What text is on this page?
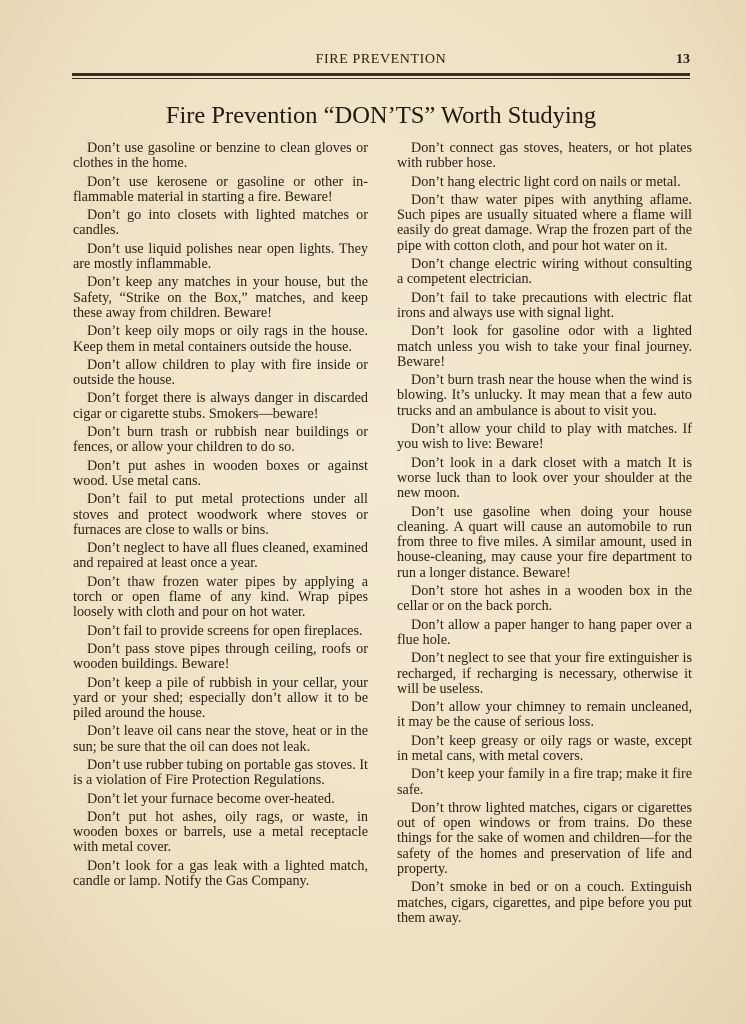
FIRE PREVENTION	13
Fire Prevention “DON’TS” Worth Studying

Don’t use gasoline or benzine to clean gloves or clothes in the home.

Don’t use kerosene or gasoline or other inflammable material in starting a fire. Beware!

Don’t go into closets with lighted matches or candles.

Don’t use liquid polishes near open lights. They are mostly inflammable.

Don’t keep any matches in your house, but the Safety, “Strike on the Box,” matches, and keep these away from children. Beware!

Don’t keep oily mops or oily rags in the house. Keep them in metal containers outside the house.

Don’t allow children to play with fire inside or outside the house.

Don’t forget there is always danger in discarded cigar or cigarette stubs. Smokers—beware!

Don’t burn trash or rubbish near buildings or fences, or allow your children to do so.

Don’t put ashes in wooden boxes or against wood. Use metal cans.

Don’t fail to put metal protections under all stoves and protect woodwork where stoves or furnaces are close to walls or bins.

Don’t neglect to have all flues cleaned, examined and repaired at least once a year.

Don’t thaw frozen water pipes by applying a torch or open flame of any kind. Wrap pipes loosely with cloth and pour on hot water.

Don’t fail to provide screens for open fireplaces.

Don’t pass stove pipes through ceiling, roofs or wooden buildings. Beware!

Don’t keep a pile of rubbish in your cellar, your yard or your shed; especially don’t allow it to be piled around the house.

Don’t leave oil cans near the stove, heat or in the sun; be sure that the oil can does not leak.

Don’t use rubber tubing on portable gas stoves. It is a violation of Fire Protection Regulations.

Don’t let your furnace become over-heated.

Don’t put hot ashes, oily rags, or waste, in wooden boxes or barrels, use a metal receptacle with metal cover.

Don’t look for a gas leak with a lighted match, candle or lamp. Notify the Gas Company.

Don’t connect gas stoves, heaters, or hot plates with rubber hose.

Don’t hang electric light cord on nails or metal.

Don’t thaw water pipes with anything aflame. Such pipes are usually situated where a flame will easily do great damage. Wrap the frozen part of the pipe with cotton cloth, and pour hot water on it.

Don’t change electric wiring without consulting a competent electrician.

Don’t fail to take precautions with electric flat irons and always use with signal light.

Don’t look for gasoline odor with a lighted match unless you wish to take your final journey. Beware!

Don’t burn trash near the house when the wind is blowing. It’s unlucky. It may mean that a few auto trucks and an ambulance is about to visit you.

Don’t allow your child to play with matches. If you wish to live: Beware!

Don’t look in a dark closet with a match It is worse luck than to look over your shoulder at the new moon.

Don’t use gasoline when doing your house cleaning. A quart will cause an automobile to run from three to five miles. A similar amount, used in house-cleaning, may cause your fire department to run a longer distance. Beware!

Don’t store hot ashes in a wooden box in the cellar or on the back porch.

Don’t allow a paper hanger to hang paper over a flue hole.

Don’t neglect to see that your fire extinguisher is recharged, if recharging is necessary, otherwise it will be useless.

Don’t allow your chimney to remain uncleaned, it may be the cause of serious loss.

Don’t keep greasy or oily rags or waste, except in metal cans, with metal covers.

Don’t keep your family in a fire trap; make it fire safe.

Don’t throw lighted matches, cigars or cigarettes out of open windows or from trains. Do these things for the sake of women and children—for the safety of the homes and preservation of life and property.

Don’t smoke in bed or on a couch. Extinguish matches, cigars, cigarettes, and pipe before you put them away.
